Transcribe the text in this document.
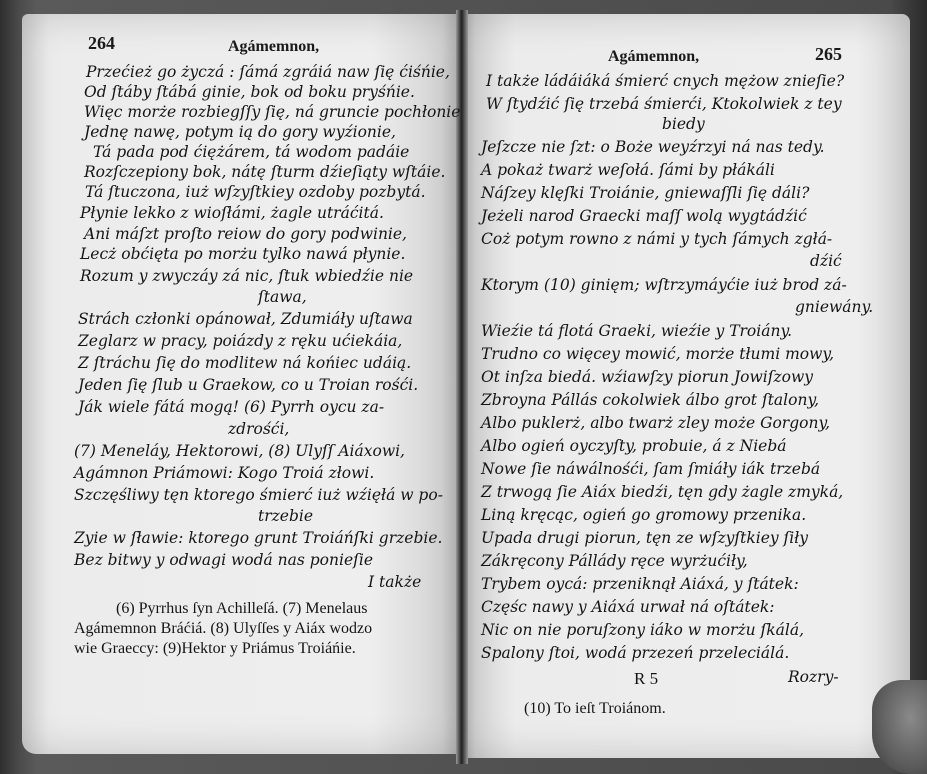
264	Agámemnon,
Przećież go życzá : ſámá zgráiá naw ſię ćiśńie,
Od ſtáby ſtábá ginie, bok od boku pryśńie.
Więc morże rozbiegſſy ſię, ná gruncie pochłonie
Jednę nawę, potym ią do gory wyźionie,
Tá pada pod ćiężárem, tá wodom padáie
Rozſczepiony bok, nátę ſturm dźieſiąty wſtáie.
Tá ſtuczona, iuż wſzyſtkiey ozdoby pozbytá.
Płynie lekko z wioſłámi, żagle utráćitá.
Ani máſzt proſto reiow do gory podwinie,
Lecż obćięta po morżu tylko nawá płynie.
Rozum y zwyczáy zá nic, ſtuk wbiedźie nie
ſtawa,
Strách członki opánował, Zdumiáły uſtawa
Zeglarz w pracy, poiázdy z ręku ućiekáia,
Z ſtráchu ſię do modlitew ná końiec udáią.
Jeden ſię ſlub u Graekow, co u Troian rośći.
Ják wiele fátá mogą! (6) Pyrrh oycu za-
zdrośći,
(7) Meneláy, Hektorowi, (8) Ulyſſ Aiáxowi,
Agámnon Priámowi: Kogo Troiá złowi.
Szczęśliwy tęn ktorego śmierć iuż wźięłá w po-
trzebie
Zyie w ſławie: ktorego grunt Troiáńſki grzebie.
Bez bitwy y odwagi wodá nas ponieſie
I także
(6) Pyrrhus ſyn Achilleſá. (7) Menelaus
Agámemnon Bráćiá. (8) Ulyſſes y Aiáx wodzo
wie Graeccy: (9)Hektor y Priámus Troiáńie.
Agámemnon,	265
I także ládáiáká śmierć cnych mężow znieſie?
W ſtydźić ſię trzebá śmierći, Ktokolwiek z tey
biedy
Jeſzcze nie ſzt: o Boże weyźrzyi ná nas tedy.
A pokaż twarż weſołá. ſámi by płákáli
Náſzey klęſki Troiánie, gniewaſſli ſię dáli?
Jeżeli narod Graecki maſſ wolą wygtádźić
Coż potym rowno z námi y tych ſámych zgłá-
dźić
Ktorym (10) ginięm; wſtrzymáyćie iuż brod zá-
gniewány.
Wieźie tá flotá Graeki, wieźie y Troiány.
Trudno co więcey mowić, morże tłumi mowy,
Ot inſza biedá. wźiawſzy piorun Jowiſzowy
Zbroyna Pállás cokolwiek álbo grot ſtalony,
Albo puklerż, albo twarż zley może Gorgony,
Albo ogień oyczyſty, probuie, á z Niebá
Nowe ſie náwálnośći, ſam ſmiáły iák trzebá
Z trwogą ſie Aiáx biedźi, tęn gdy żagle zmyká,
Liną kręcąc, ogień go gromowy przenika.
Upada drugi piorun, tęn ze wſzyſtkiey ſiły
Zákręcony Pállády ręce wyrżućiły,
Trybem oycá: przeniknął Aiáxá, y ſtátek:
Częśc nawy y Aiáxá urwał ná oſtátek:
Nic on nie poruſzony iáko w morżu ſkálá,
Spalony ſtoi, wodá przezeń przeleciálá.
R 5	Rozry-
(10) To ieſt Troiánom.
